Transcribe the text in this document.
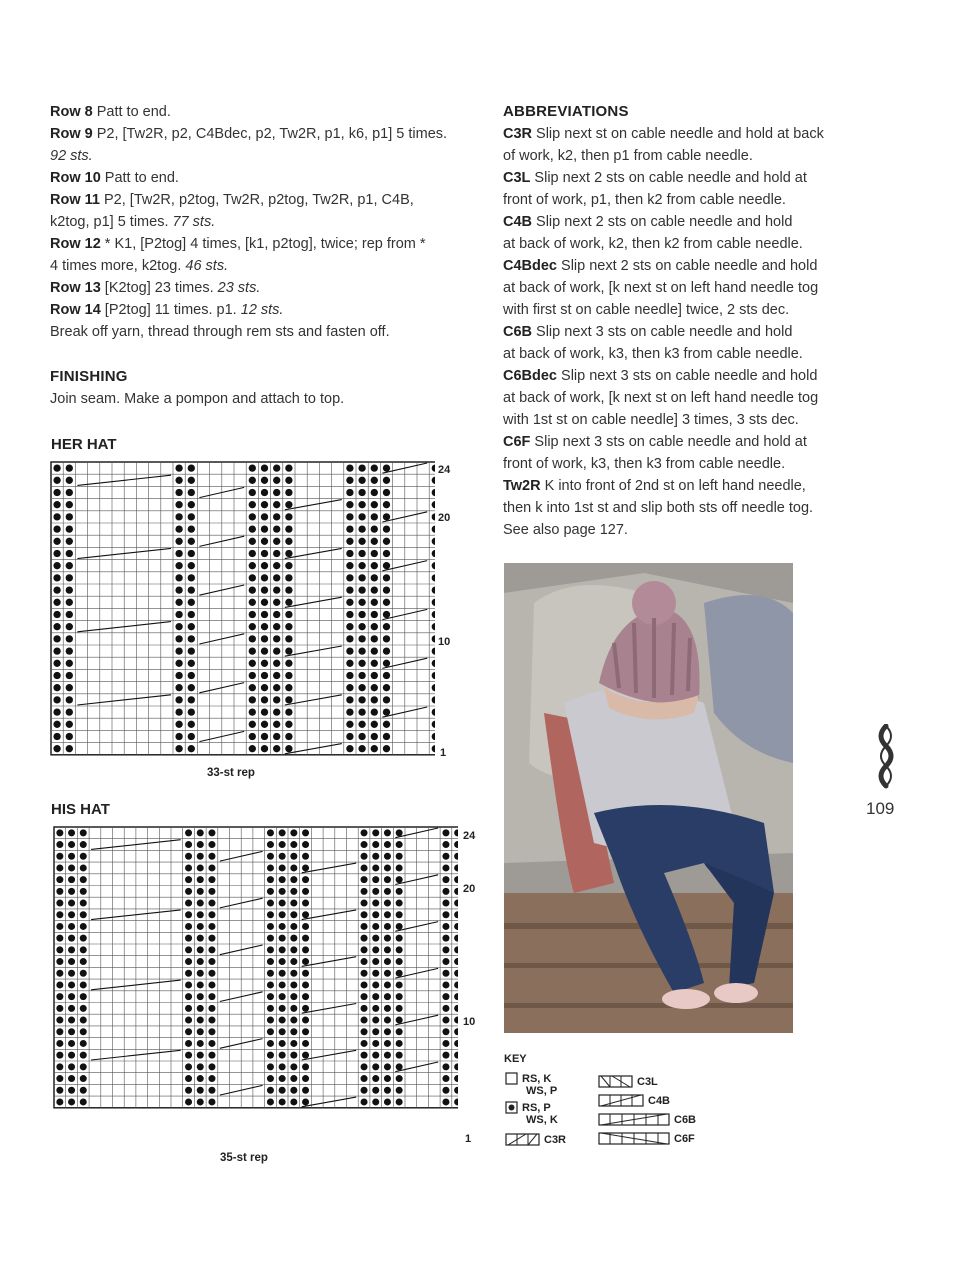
Row 8 Patt to end.
Row 9 P2, [Tw2R, p2, C4Bdec, p2, Tw2R, p1, k6, p1] 5 times.
92 sts.
Row 10 Patt to end.
Row 11 P2, [Tw2R, p2tog, Tw2R, p2tog, Tw2R, p1, C4B,
k2tog, p1] 5 times. 77 sts.
Row 12 * K1, [P2tog] 4 times, [k1, p2tog], twice; rep from *
4 times more, k2tog. 46 sts.
Row 13 [K2tog] 23 times. 23 sts.
Row 14 [P2tog] 11 times. p1. 12 sts.
Break off yarn, thread through rem sts and fasten off.
FINISHING
Join seam. Make a pompon and attach to top.
HER HAT
24
20
10
1
33-st rep
HIS HAT
24
20
10
1
35-st rep
ABBREVIATIONS
C3R Slip next st on cable needle and hold at back
of work, k2, then p1 from cable needle.
C3L Slip next 2 sts on cable needle and hold at
front of work, p1, then k2 from cable needle.
C4B Slip next 2 sts on cable needle and hold
at back of work, k2, then k2 from cable needle.
C4Bdec Slip next 2 sts on cable needle and hold
at back of work, [k next st on left hand needle tog
with first st on cable needle] twice, 2 sts dec.
C6B Slip next 3 sts on cable needle and hold
at back of work, k3, then k3 from cable needle.
C6Bdec Slip next 3 sts on cable needle and hold
at back of work, [k next st on left hand needle tog
with 1st st on cable needle] 3 times, 3 sts dec.
C6F Slip next 3 sts on cable needle and hold at
front of work, k3, then k3 from cable needle.
Tw2R K into front of 2nd st on left hand needle,
then k into 1st st and slip both sts off needle tog.
See also page 127.
109
KEY
RS, K
WS, P
RS, P
WS, K
C3R
C3L
C4B
C6B
C6F
